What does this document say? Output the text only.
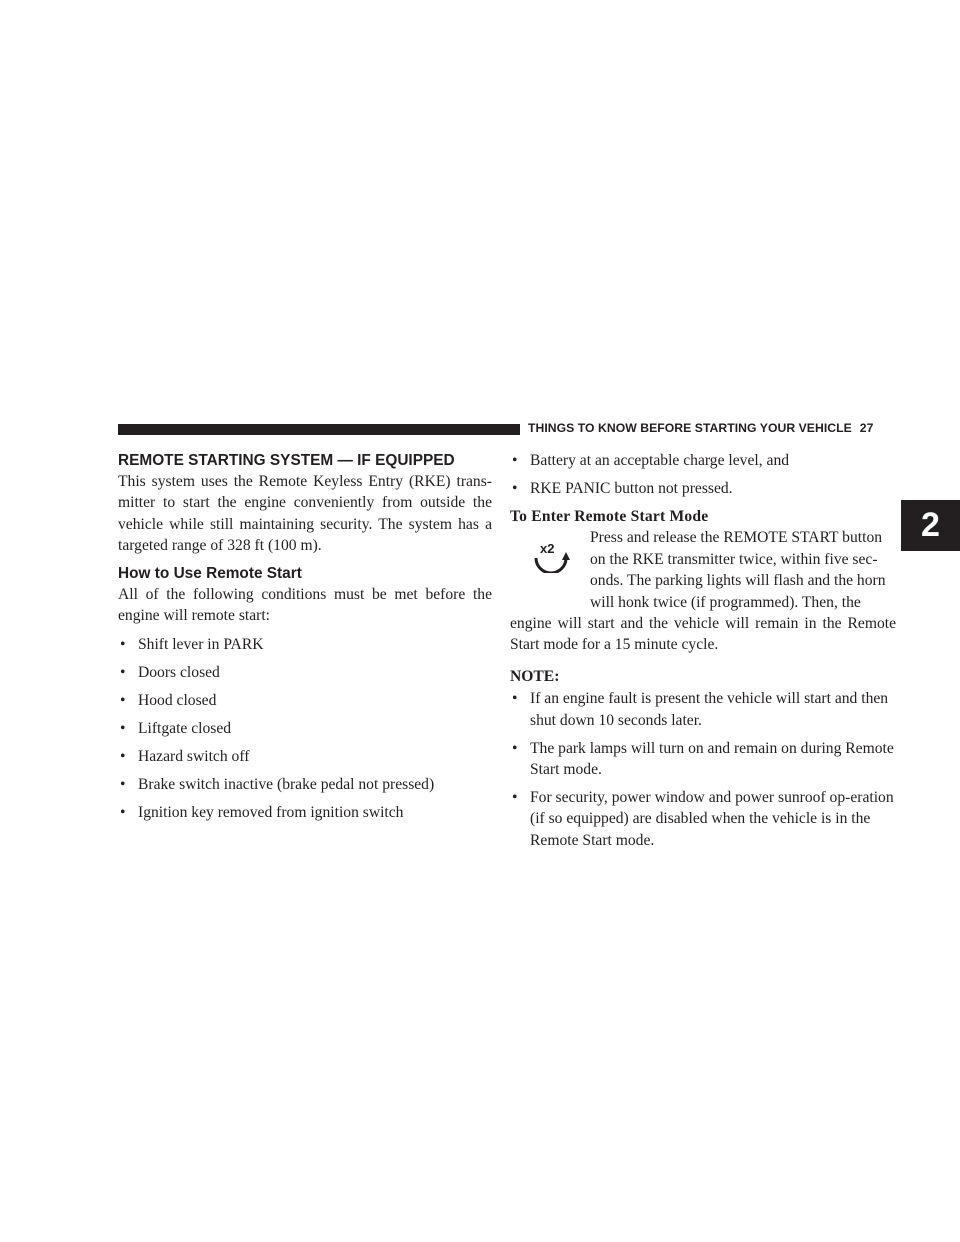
THINGS TO KNOW BEFORE STARTING YOUR VEHICLE 27
2
REMOTE STARTING SYSTEM — IF EQUIPPED

This system uses the Remote Keyless Entry (RKE) trans-mitter to start the engine conveniently from outside the vehicle while still maintaining security. The system has a targeted range of 328 ft (100 m).

How to Use Remote Start

All of the following conditions must be met before the engine will remote start:

• Shift lever in PARK
• Doors closed
• Hood closed
• Liftgate closed
• Hazard switch off
• Brake switch inactive (brake pedal not pressed)
• Ignition key removed from ignition switch
• Battery at an acceptable charge level, and
• RKE PANIC button not pressed.
To Enter Remote Start Mode
x2

Press and release the REMOTE START button
on the RKE transmitter twice, within five sec-
onds. The parking lights will flash and the horn
will honk twice (if programmed). Then, the
engine will start and the vehicle will remain in the Remote Start mode for a 15 minute cycle.

NOTE:
• If an engine fault is present the vehicle will start and then shut down 10 seconds later.
• The park lamps will turn on and remain on during Remote Start mode.
• For security, power window and power sunroof op-eration (if so equipped) are disabled when the vehicle is in the Remote Start mode.
